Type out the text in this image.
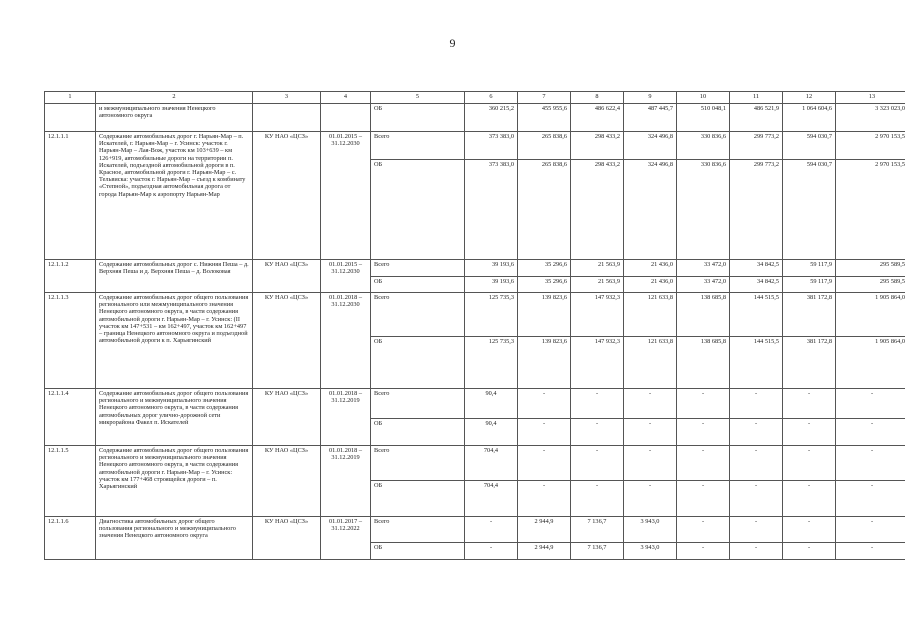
9
1	2	3	4	5	6	7	8	9	10	11	12	13
	и межмуниципального значения Ненецкого автономного округа			ОБ	360 215,2	455 955,6	486 622,4	487 445,7	510 048,1	486 521,9	1 064 604,6	3 323 023,0
12.1.1.1	Содержание автомобильных дорог г. Нарьян-Мар – п. Искателей, г. Нарьян-Мар – г. Усинск: участок г. Нарьян-Мар – Лая-Вож, участок км 103+639 – км 126+919, автомобильные дороги на территории п. Искателей, подъездной автомобильной дороги в п. Красное, автомобильной дороги г. Нарьян-Мар – с. Тельвиска: участок г. Нарьян-Мар – съезд к комбинату «Степной», подъездная автомобильная дорога от города Нарьян-Мар к аэропорту Нарьян-Мар	КУ НАО «ЦСЗ»	01.01.2015 – 31.12.2030	Всего	373 383,0	265 838,6	298 433,2	324 496,8	330 836,6	299 773,2	594 030,7	2 970 153,5
				ОБ	373 383,0	265 838,6	298 433,2	324 496,8	330 836,6	299 773,2	594 030,7	2 970 153,5
12.1.1.2	Содержание автомобильных дорог с. Нижняя Пеша – д. Верхняя Пеша и д. Верхняя Пеша – д. Волоковая	КУ НАО «ЦСЗ»	01.01.2015 – 31.12.2030	Всего	39 193,6	35 296,6	21 563,9	21 436,0	33 472,0	34 842,5	59 117,9	295 589,5
				ОБ	39 193,6	35 296,6	21 563,9	21 436,0	33 472,0	34 842,5	59 117,9	295 589,5
12.1.1.3	Содержание автомобильных дорог общего пользования регионального или межмуниципального значения Ненецкого автономного округа, в части содержания автомобильной дороги г. Нарьян-Мар – г. Усинск: (II участок км 147+531 – км 162+497, участок км 162+497 – граница Ненецкого автономного округа и подъездной автомобильной дороги к п. Харьягинский	КУ НАО «ЦСЗ»	01.01.2018 – 31.12.2030	Всего	125 735,3	139 823,6	147 932,3	121 633,8	138 685,8	144 515,5	381 172,8	1 905 864,0
				ОБ	125 735,3	139 823,6	147 932,3	121 633,8	138 685,8	144 515,5	381 172,8	1 905 864,0
12.1.1.4	Содержание автомобильных дорог общего пользования регионального и межмуниципального значения Ненецкого автономного округа, в части содержания автомобильных дорог улично-дорожной сети микрорайона Факел п. Искателей	КУ НАО «ЦСЗ»	01.01.2018 – 31.12.2019	Всего	90,4	-	-	-	-	-	-	-
				ОБ	90,4	-	-	-	-	-	-	-
12.1.1.5	Содержание автомобильных дорог общего пользования регионального и межмуниципального значения Ненецкого автономного округа, в части содержания автомобильной дороги г. Нарьян-Мар – г. Усинск: участок км 177+468 строящейся дороги – п. Харьягинский	КУ НАО «ЦСЗ»	01.01.2018 – 31.12.2019	Всего	704,4	-	-	-	-	-	-	-
				ОБ	704,4	-	-	-	-	-	-	-
12.1.1.6	Диагностика автомобильных дорог общего пользования регионального и межмуниципального значения Ненецкого автономного округа	КУ НАО «ЦСЗ»	01.01.2017 – 31.12.2022	Всего	-	2 944,9	7 136,7	3 943,0	-	-	-	-
				ОБ	-	2 944,9	7 136,7	3 943,0	-	-	-	-
